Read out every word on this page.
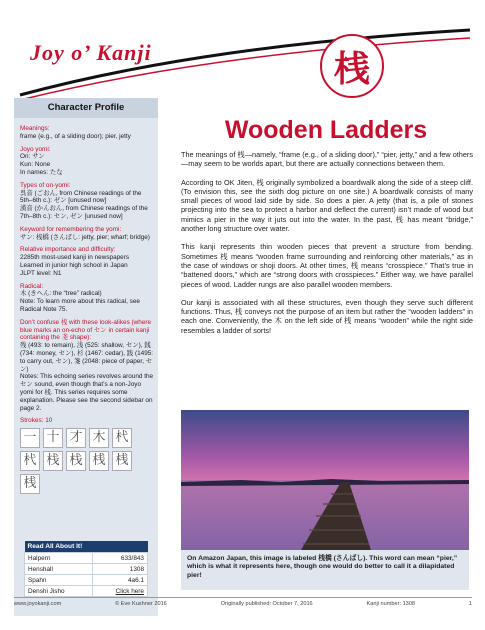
Joy o’ Kanji	桟
Character Profile
Meanings:
frame (e.g., of a sliding door); pier, jetty
Joyo yomi:
On: サン
Kun: None
In names: たな
Types of on-yomi:
呉音 (ごおん, from Chinese readings of the 5th–6th c.): ゼン [unused now]
漢音 (かんおん, from Chinese readings of the 7th–8th c.): セン, ゼン [unused now]
Keyword for remembering the yomi:
サン: 桟橋 (さんばし: jetty, pier; wharf; bridge)
Relative importance and difficulty:
2285th most-used kanji in newspapers
Learned in junior high school in Japan
JLPT level: N1
Radical:
木 (きへん: the “tree” radical)
Note: To learn more about this radical, see Radical Note 75.
Don’t confuse 桟 with these look-alikes (where blue marks an on-echo of セン in certain kanji containing the 戔 shape):
残 (493: to remain), 浅 (525: shallow, セン), 銭 (734: money, セン), 杉 (1467: cedar), 践 (1495: to carry out, セン), 箋 (2048: piece of paper, セン)
Notes: This echoing series revolves around the セン sound, even though that’s a non-Joyo yomi for 桟. This series requires some explanation. Please see the second sidebar on page 2.
Strokes: 10
一 十 才 木 杙
杙 栈 栈 桟 桟
桟
Read All About It!	
Halpern	633/843
Henshall	1308
Spahn	4a6.1
Denshi Jisho	Click here
Wooden Ladders

The meanings of 桟—namely, “frame (e.g., of a sliding door),” “pier, jetty,” and a few others—may seem to be worlds apart, but there are actually connections between them.

According to OK Jiten, 桟 originally symbolized a boardwalk along the side of a steep cliff. (To envision this, see the sixth dog picture on one site.) A boardwalk consists of many small pieces of wood laid side by side. So does a pier. A jetty (that is, a pile of stones projecting into the sea to protect a harbor and deflect the current) isn’t made of wood but mimics a pier in the way it juts out into the water. In the past, 桟 has meant “bridge,” another long structure over water.

This kanji represents thin wooden pieces that prevent a structure from bending. Sometimes 桟 means “wooden frame surrounding and reinforcing other materials,” as in the case of windows or shoji doors. At other times, 桟 means “crosspiece.” That’s true in “battened doors,” which are “strong doors with crosspieces.” Either way, we have parallel pieces of wood. Ladder rungs are also parallel wooden members.

Our kanji is associated with all these structures, even though they serve such different functions. Thus, 桟 conveys not the purpose of an item but rather the “wooden ladders” in each one. Conveniently, the 木 on the left side of 桟 means “wooden” while the right side resembles a ladder of sorts!

On Amazon Japan, this image is labeled 桟橋 (さんばし). This word can mean “pier,” which is what it represents here, though one would do better to call it a dilapidated pier!
www.joyokanji.com	© Eve Kushner 2016	Originally published: October 7, 2016	Kanji number: 1308	1
